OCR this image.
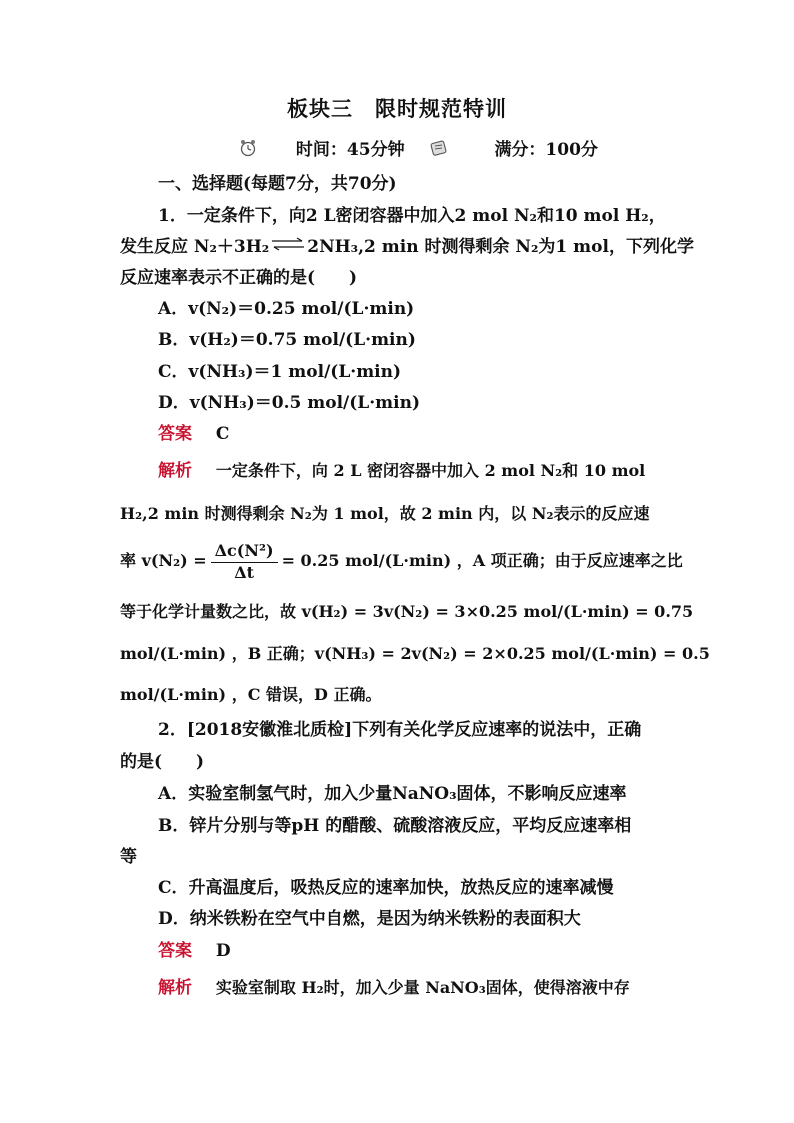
板块三　限时规范特训
时间：45分钟	满分：100分
一、选择题(每题7分，共70分)
1．一定条件下，向2 L密闭容器中加入2 mol N₂和10 mol H₂，
发生反应 N₂＋3H₂⇌2NH₃,2 min 时测得剩余 N₂为1 mol，下列化学
反应速率表示不正确的是(　　)
A．v(N₂)＝0.25 mol/(L·min)
B．v(H₂)＝0.75 mol/(L·min)
C．v(NH₃)＝1 mol/(L·min)
D．v(NH₃)＝0.5 mol/(L·min)
答案 C
解析 一定条件下，向 2 L 密闭容器中加入 2 mol N₂和 10 mol
H₂,2 min 时测得剩余 N₂为 1 mol，故 2 min 内，以 N₂表示的反应速
率 $v(N_2) = \frac{\text{Δc(N²)}}{\Delta t} = 0.25$ mol/(L·min) ，A 项正确；由于反应速率之比
等于化学计量数之比，故 v(H₂) = 3v(N₂) = 3×0.25 mol/(L·min) = 0.75
mol/(L·min) ，B 正确；v(NH₃) = 2v(N₂) = 2×0.25 mol/(L·min) = 0.5
mol/(L·min) ，C 错误，D 正确。
2．[2018安徽淮北质检]下列有关化学反应速率的说法中，正确
的是(　　)
A．实验室制氢气时，加入少量NaNO₃固体，不影响反应速率
B．锌片分别与等pH 的醋酸、硫酸溶液反应，平均反应速率相
等
C．升高温度后，吸热反应的速率加快，放热反应的速率减慢
D．纳米铁粉在空气中自燃，是因为纳米铁粉的表面积大
答案 D
解析 实验室制取 H₂时，加入少量 NaNO₃固体，使得溶液中存
